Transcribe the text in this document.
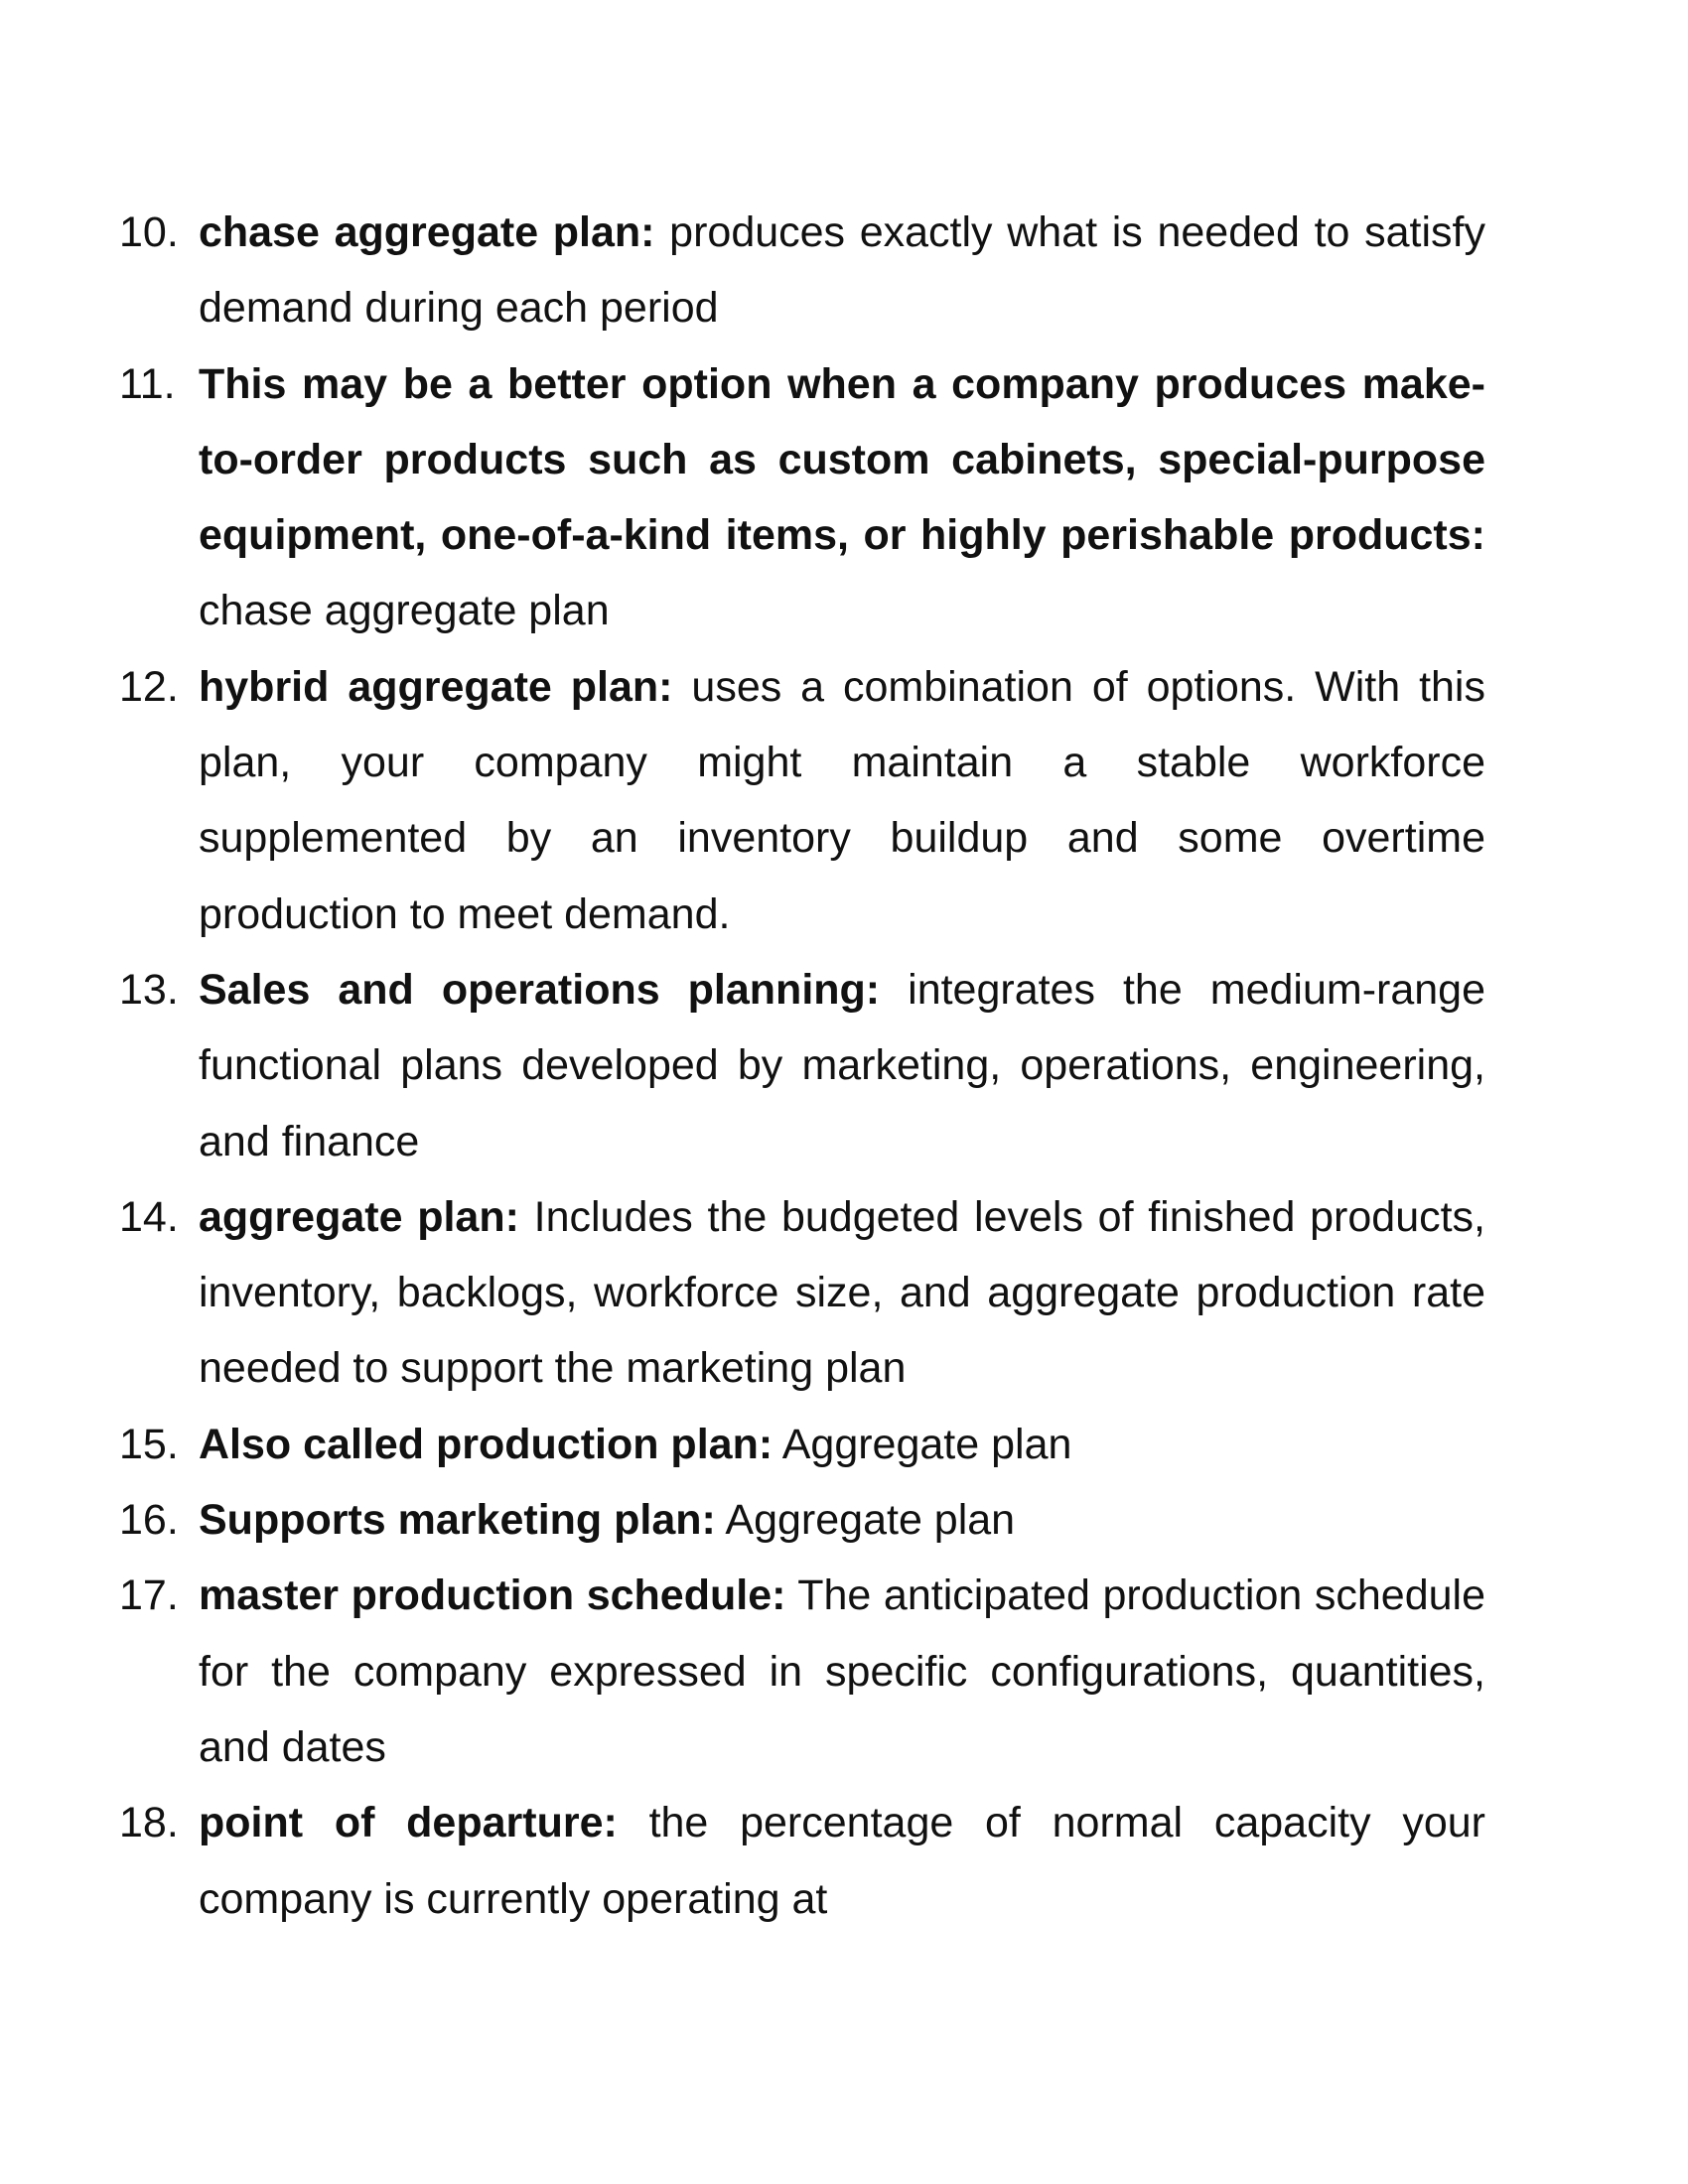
10. chase aggregate plan: produces exactly what is needed to satisfy demand during each period
11. This may be a better option when a company produces make-to-order products such as custom cabinets, special-purpose equipment, one-of-a-kind items, or highly perishable products: chase aggregate plan
12. hybrid aggregate plan: uses a combination of options. With this plan, your company might maintain a stable workforce supplemented by an inventory buildup and some overtime production to meet demand.
13. Sales and operations planning: integrates the medium-range functional plans developed by marketing, operations, engineering, and finance
14. aggregate plan: Includes the budgeted levels of finished products, inventory, backlogs, workforce size, and aggregate production rate needed to support the marketing plan
15. Also called production plan: Aggregate plan
16. Supports marketing plan: Aggregate plan
17. master production schedule: The anticipated production schedule for the company expressed in specific configurations, quantities, and dates
18. point of departure: the percentage of normal capacity your company is currently operating at
